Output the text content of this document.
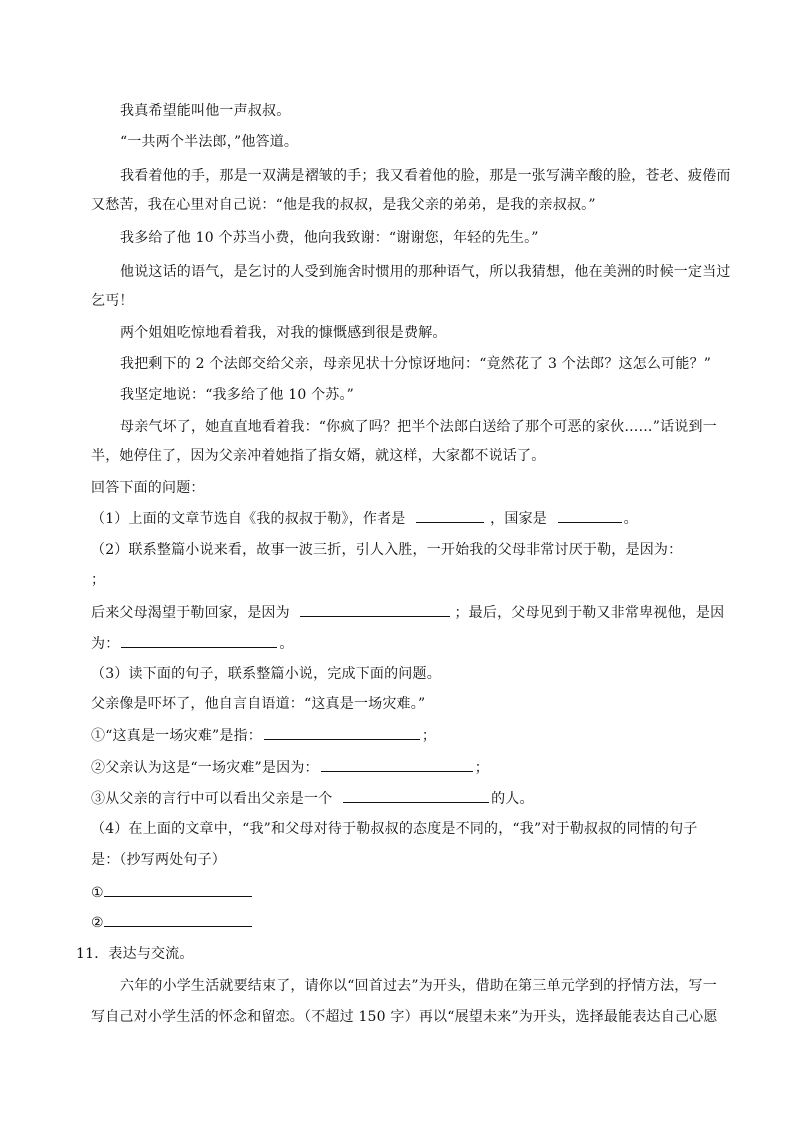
我真希望能叫他一声叔叔。
“一共两个半法郎，”他答道。
我看着他的手，那是一双满是褶皱的手；我又看着他的脸，那是一张写满辛酸的脸，苍老、疲倦而
又愁苦，我在心里对自己说：“他是我的叔叔，是我父亲的弟弟，是我的亲叔叔。”
我多给了他 10 个苏当小费，他向我致谢：“谢谢您，年轻的先生。”
他说这话的语气，是乞讨的人受到施舍时惯用的那种语气，所以我猜想，他在美洲的时候一定当过
乞丐！
两个姐姐吃惊地看着我，对我的慷慨感到很是费解。
我把剩下的 2 个法郎交给父亲，母亲见状十分惊讶地问：“竟然花了 3 个法郎？这怎么可能？”
我坚定地说：“我多给了他 10 个苏。”
母亲气坏了，她直直地看着我：“你疯了吗？把半个法郎白送给了那个可恶的家伙……”话说到一
半，她停住了，因为父亲冲着她指了指女婿，就这样，大家都不说话了。
回答下面的问题：
（1）上面的文章节选自《我的叔叔于勒》，作者是	，国家是	。
（2）联系整篇小说来看，故事一波三折，引人入胜，一开始我的父母非常讨厌于勒，是因为：
；
后来父母渴望于勒回家，是因为	；最后，父母见到于勒又非常卑视他，是因
为：	。
（3）读下面的句子，联系整篇小说，完成下面的问题。
父亲像是吓坏了，他自言自语道：“这真是一场灾难。”
①“这真是一场灾难”是指：	；
②父亲认为这是“一场灾难”是因为：	；
③从父亲的言行中可以看出父亲是一个	的人。
（4）在上面的文章中，“我”和父母对待于勒叔叔的态度是不同的，“我”对于勒叔叔的同情的句子
是：（抄写两处句子）
①
②
11．表达与交流。
六年的小学生活就要结束了，请你以“回首过去”为开头，借助在第三单元学到的抒情方法，写一
写自己对小学生活的怀念和留恋。（不超过 150 字）再以“展望未来”为开头，选择最能表达自己心愿
